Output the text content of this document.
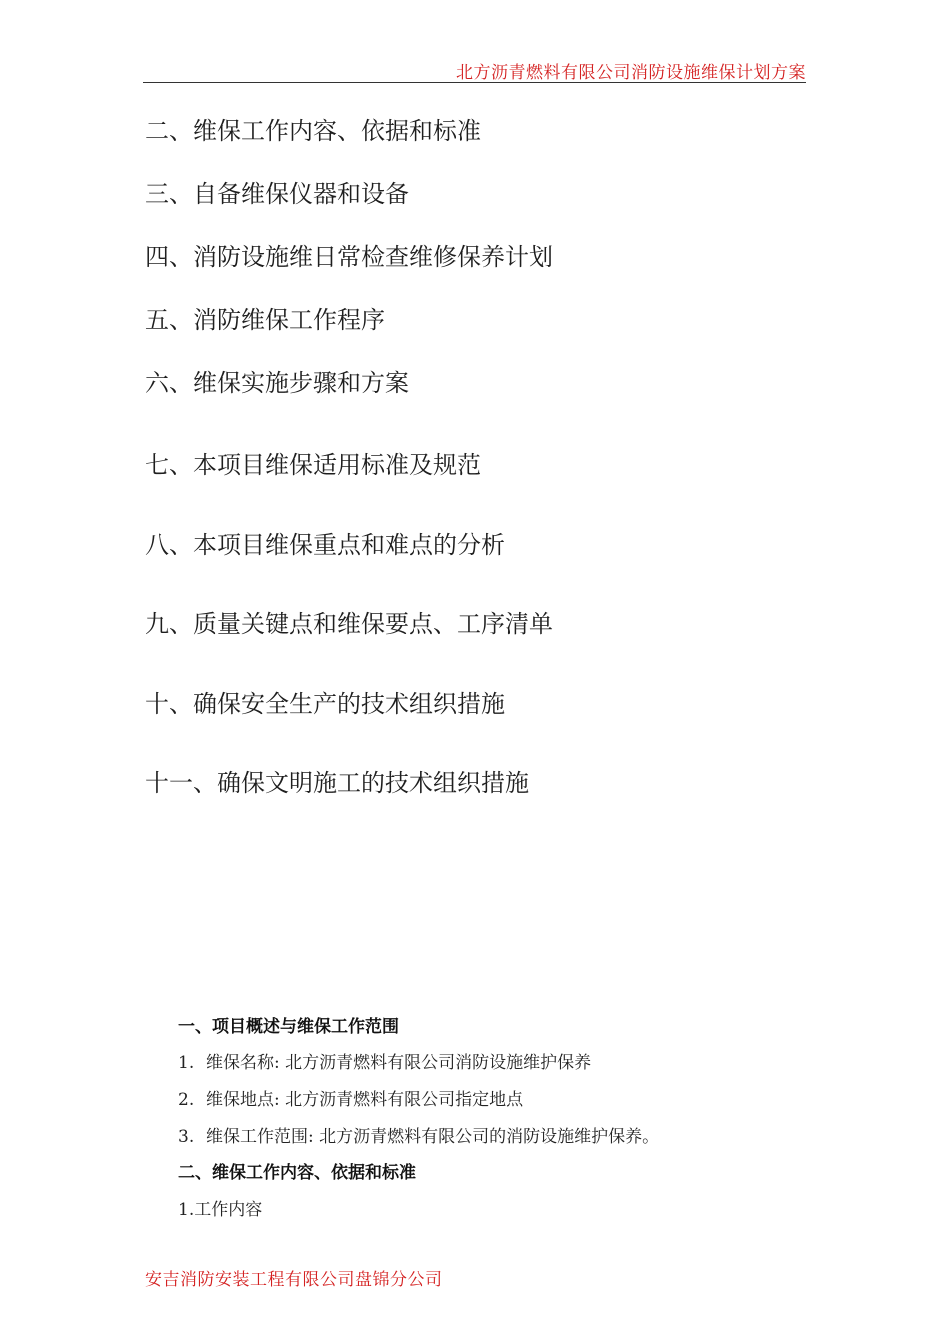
北方沥青燃料有限公司消防设施维保计划方案
二、维保工作内容、依据和标准
三、自备维保仪器和设备
四、消防设施维日常检查维修保养计划
五、消防维保工作程序
六、维保实施步骤和方案
七、本项目维保适用标准及规范
八、本项目维保重点和难点的分析
九、质量关键点和维保要点、工序清单
十、确保安全生产的技术组织措施
十一、确保文明施工的技术组织措施
一、项目概述与维保工作范围
1. 维保名称: 北方沥青燃料有限公司消防设施维护保养
2. 维保地点: 北方沥青燃料有限公司指定地点
3. 维保工作范围: 北方沥青燃料有限公司的消防设施维护保养。
二、维保工作内容、依据和标准
1.工作内容
安吉消防安装工程有限公司盘锦分公司
